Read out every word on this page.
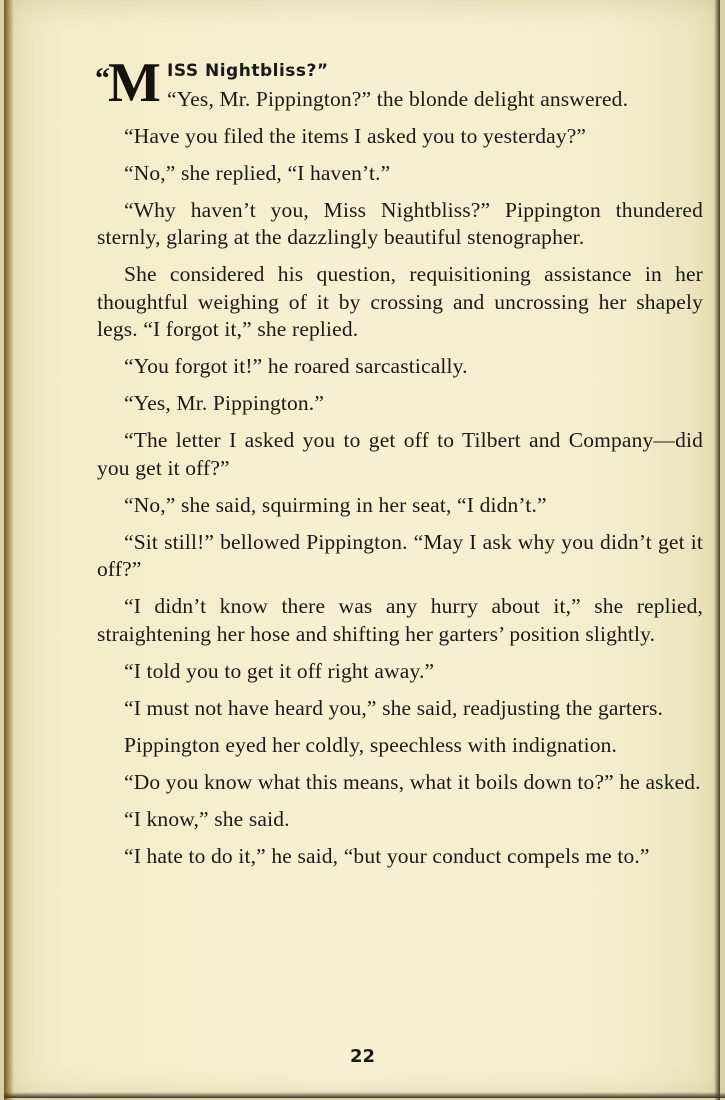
“M ISS Nightbliss?”
“Yes, Mr. Pippington?” the blonde delight answered.

“Have you filed the items I asked you to yesterday?”

“No,” she replied, “I haven’t.”

“Why haven’t you, Miss Nightbliss?” Pippington thundered sternly, glaring at the dazzlingly beautiful stenographer.

She considered his question, requisitioning assistance in her thoughtful weighing of it by crossing and uncrossing her shapely legs. “I forgot it,” she replied.

“You forgot it!” he roared sarcastically.

“Yes, Mr. Pippington.”

“The letter I asked you to get off to Tilbert and Company—did you get it off?”

“No,” she said, squirming in her seat, “I didn’t.”

“Sit still!” bellowed Pippington. “May I ask why you didn’t get it off?”

“I didn’t know there was any hurry about it,” she replied, straightening her hose and shifting her garters’ position slightly.

“I told you to get it off right away.”

“I must not have heard you,” she said, readjusting the garters.

Pippington eyed her coldly, speechless with indignation.

“Do you know what this means, what it boils down to?” he asked.

“I know,” she said.

“I hate to do it,” he said, “but your conduct compels me to.”

22
